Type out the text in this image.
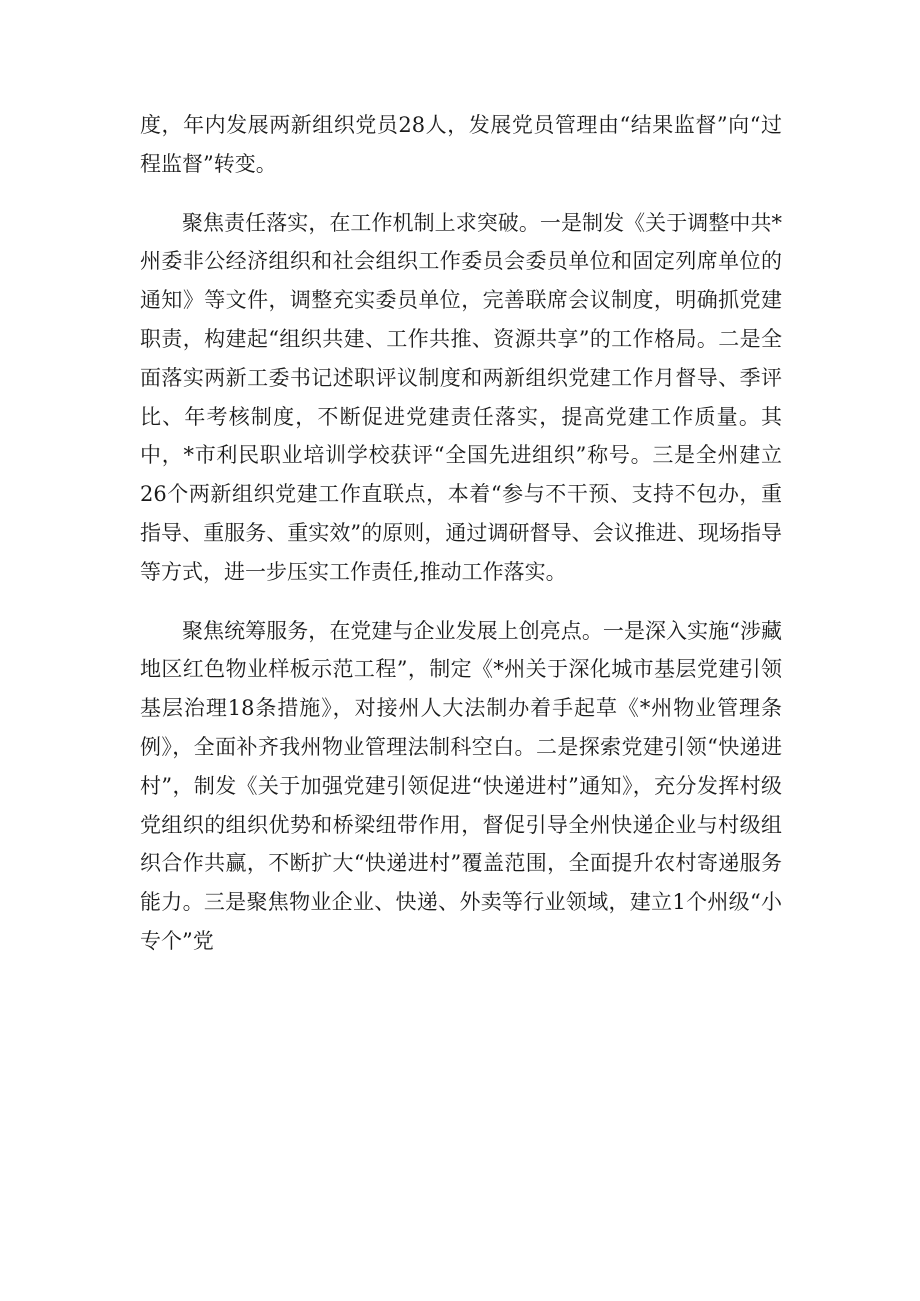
度，年内发展两新组织党员28人，发展党员管理由“结果监督”向“过程监督”转变。

聚焦责任落实，在工作机制上求突破。一是制发《关于调整中共*州委非公经济组织和社会组织工作委员会委员单位和固定列席单位的通知》等文件，调整充实委员单位，完善联席会议制度，明确抓党建职责，构建起“组织共建、工作共推、资源共享”的工作格局。二是全面落实两新工委书记述职评议制度和两新组织党建工作月督导、季评比、年考核制度，不断促进党建责任落实，提高党建工作质量。其中，*市利民职业培训学校获评“全国先进组织”称号。三是全州建立26个两新组织党建工作直联点，本着“参与不干预、支持不包办，重指导、重服务、重实效”的原则，通过调研督导、会议推进、现场指导等方式，进一步压实工作责任,推动工作落实。

聚焦统筹服务，在党建与企业发展上创亮点。一是深入实施“涉藏地区红色物业样板示范工程”，制定《*州关于深化城市基层党建引领基层治理18条措施》，对接州人大法制办着手起草《*州物业管理条例》，全面补齐我州物业管理法制科空白。二是探索党建引领“快递进村”，制发《关于加强党建引领促进“快递进村”通知》，充分发挥村级党组织的组织优势和桥梁纽带作用，督促引导全州快递企业与村级组织合作共赢，不断扩大“快递进村”覆盖范围，全面提升农村寄递服务能力。三是聚焦物业企业、快递、外卖等行业领域，建立1个州级“小专个”党
